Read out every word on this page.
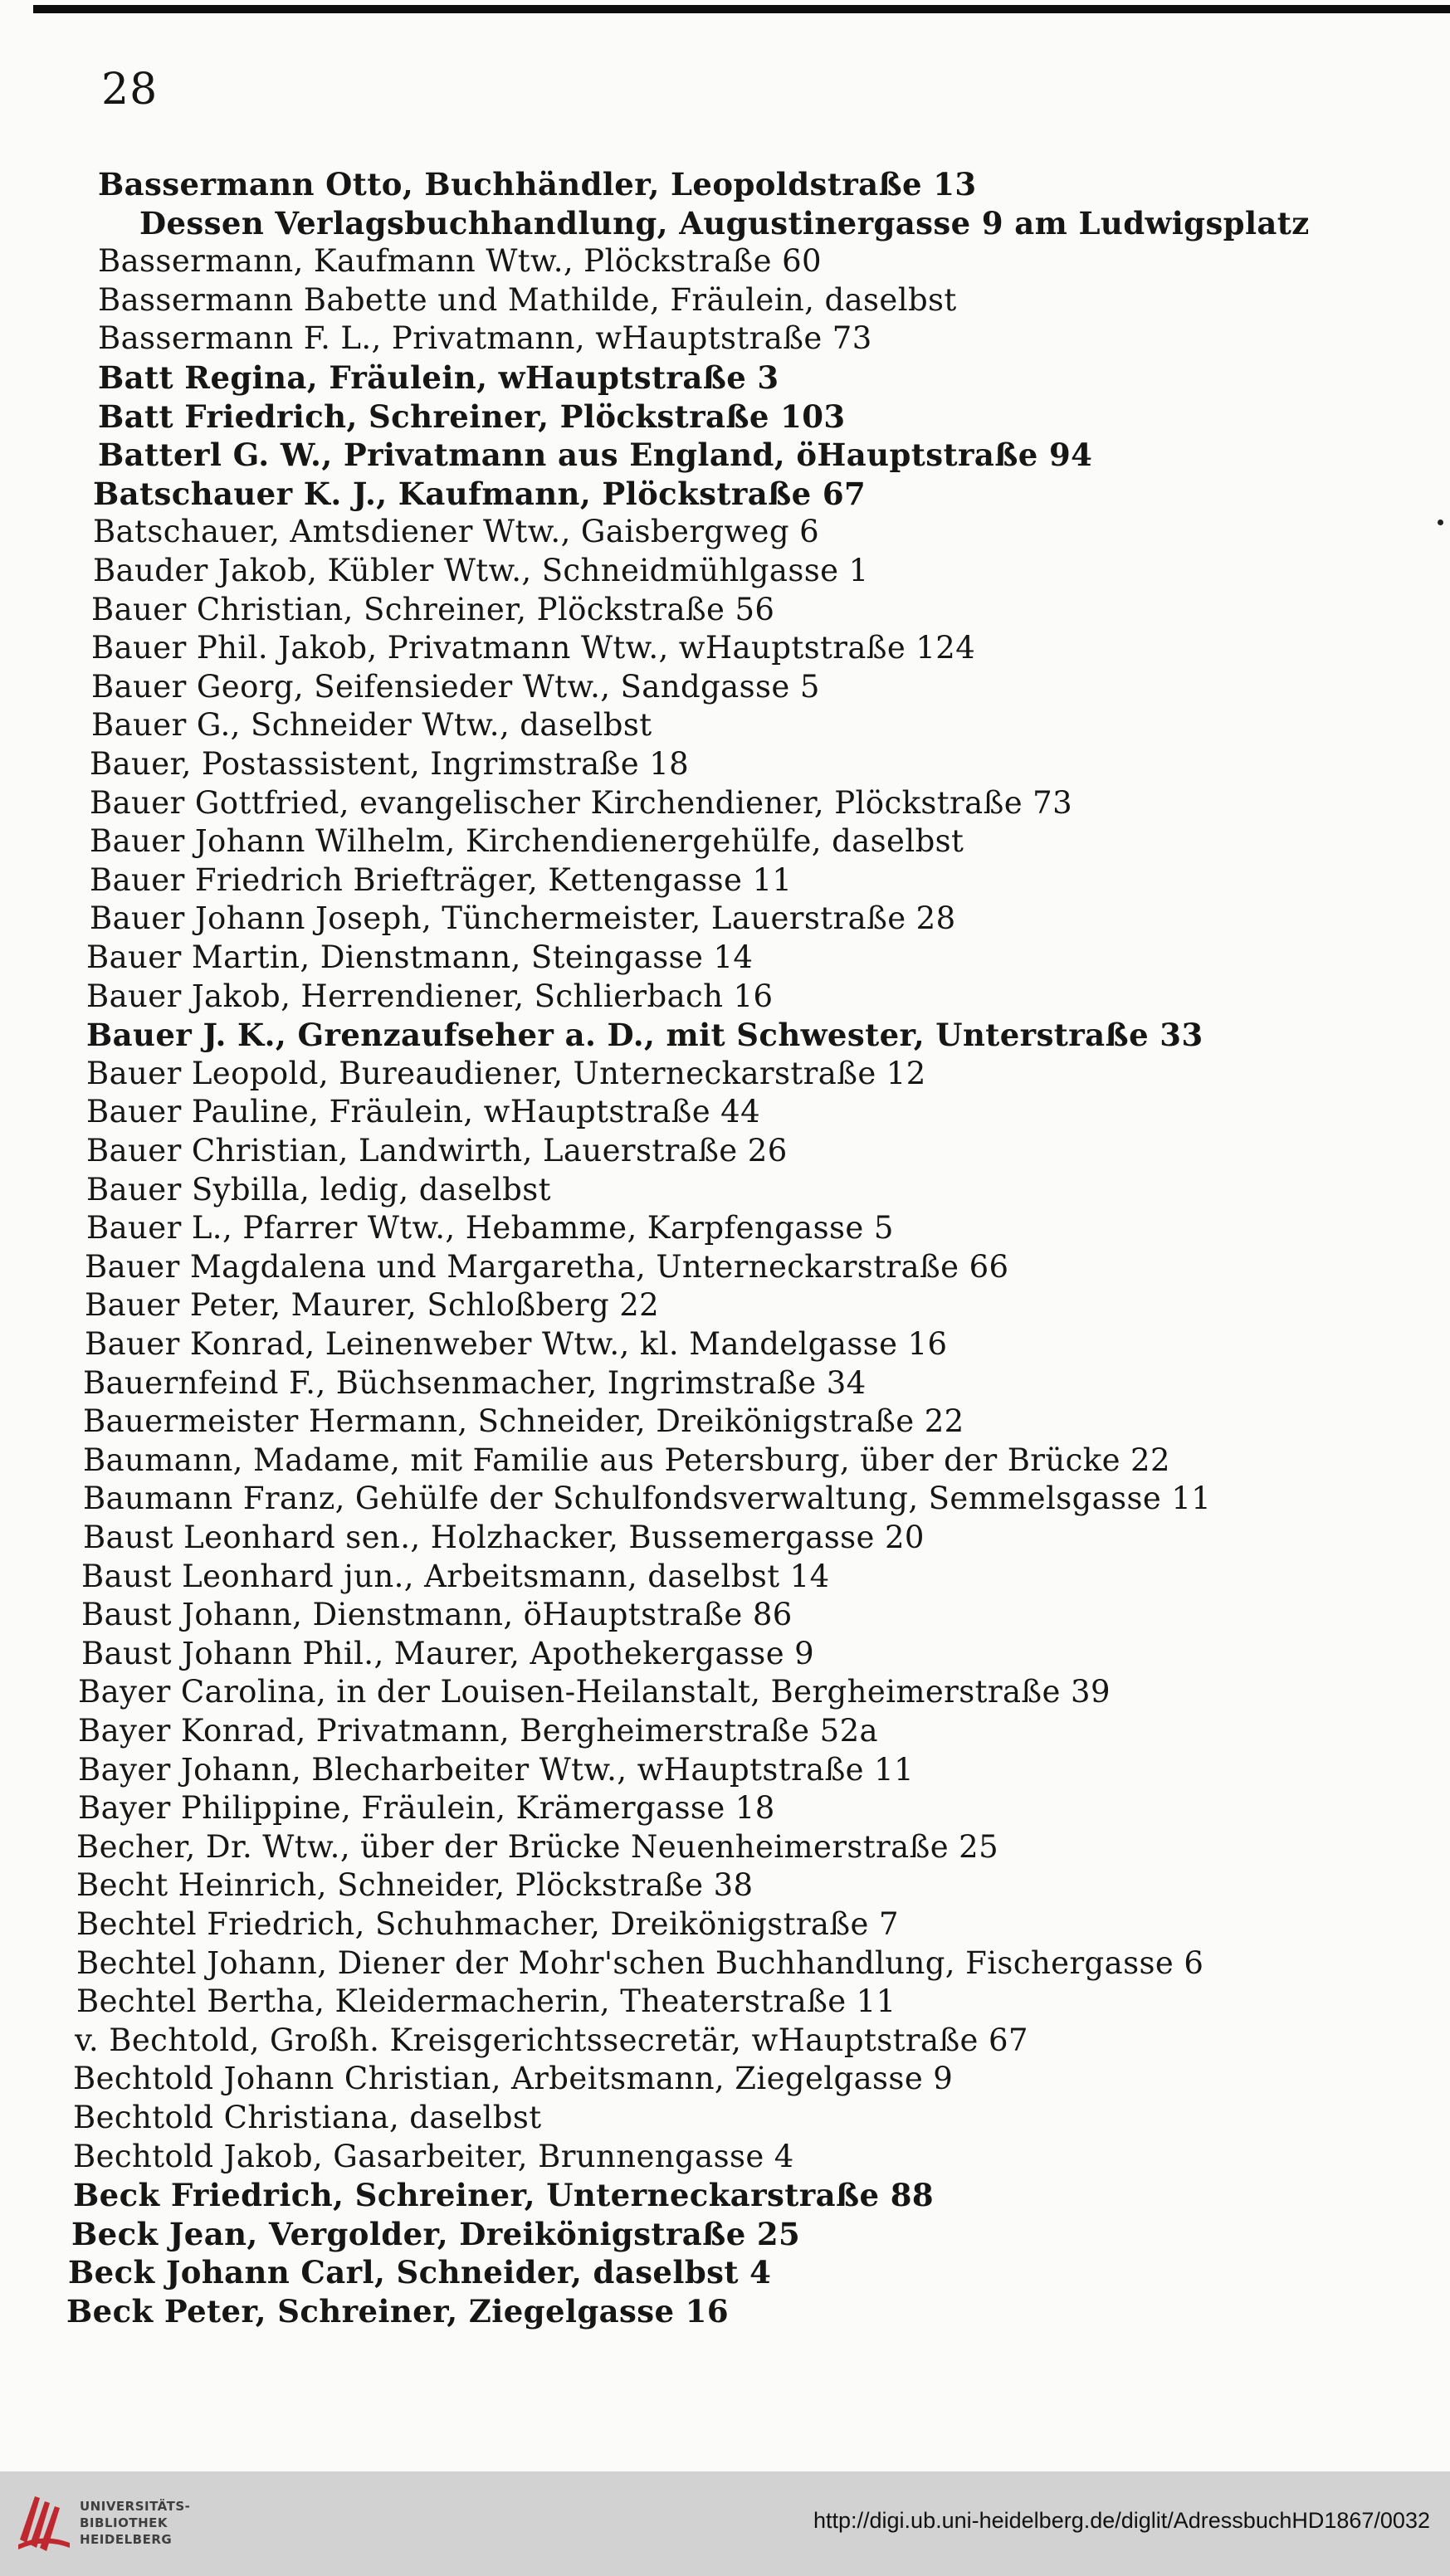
28
Bassermann Otto, Buchhändler, Leopoldstraße 13
Dessen Verlagsbuchhandlung, Augustinergasse 9 am Ludwigsplatz
Bassermann, Kaufmann Wtw., Plöckstraße 60
Bassermann Babette und Mathilde, Fräulein, daselbst
Bassermann F. L., Privatmann, wHauptstraße 73
Batt Regina, Fräulein, wHauptstraße 3
Batt Friedrich, Schreiner, Plöckstraße 103
Batterl G. W., Privatmann aus England, öHauptstraße 94
Batschauer K. J., Kaufmann, Plöckstraße 67
Batschauer, Amtsdiener Wtw., Gaisbergweg 6
Bauder Jakob, Kübler Wtw., Schneidmühlgasse 1
Bauer Christian, Schreiner, Plöckstraße 56
Bauer Phil. Jakob, Privatmann Wtw., wHauptstraße 124
Bauer Georg, Seifensieder Wtw., Sandgasse 5
Bauer G., Schneider Wtw., daselbst
Bauer, Postassistent, Ingrimstraße 18
Bauer Gottfried, evangelischer Kirchendiener, Plöckstraße 73
Bauer Johann Wilhelm, Kirchendienergehülfe, daselbst
Bauer Friedrich Briefträger, Kettengasse 11
Bauer Johann Joseph, Tünchermeister, Lauerstraße 28
Bauer Martin, Dienstmann, Steingasse 14
Bauer Jakob, Herrendiener, Schlierbach 16
Bauer J. K., Grenzaufseher a. D., mit Schwester, Unterstraße 33
Bauer Leopold, Bureaudiener, Unterneckarstraße 12
Bauer Pauline, Fräulein, wHauptstraße 44
Bauer Christian, Landwirth, Lauerstraße 26
Bauer Sybilla, ledig, daselbst
Bauer L., Pfarrer Wtw., Hebamme, Karpfengasse 5
Bauer Magdalena und Margaretha, Unterneckarstraße 66
Bauer Peter, Maurer, Schloßberg 22
Bauer Konrad, Leinenweber Wtw., kl. Mandelgasse 16
Bauernfeind F., Büchsenmacher, Ingrimstraße 34
Bauermeister Hermann, Schneider, Dreikönigstraße 22
Baumann, Madame, mit Familie aus Petersburg, über der Brücke 22
Baumann Franz, Gehülfe der Schulfondsverwaltung, Semmelsgasse 11
Baust Leonhard sen., Holzhacker, Bussemergasse 20
Baust Leonhard jun., Arbeitsmann, daselbst 14
Baust Johann, Dienstmann, öHauptstraße 86
Baust Johann Phil., Maurer, Apothekergasse 9
Bayer Carolina, in der Louisen-Heilanstalt, Bergheimerstraße 39
Bayer Konrad, Privatmann, Bergheimerstraße 52a
Bayer Johann, Blecharbeiter Wtw., wHauptstraße 11
Bayer Philippine, Fräulein, Krämergasse 18
Becher, Dr. Wtw., über der Brücke Neuenheimerstraße 25
Becht Heinrich, Schneider, Plöckstraße 38
Bechtel Friedrich, Schuhmacher, Dreikönigstraße 7
Bechtel Johann, Diener der Mohr'schen Buchhandlung, Fischergasse 6
Bechtel Bertha, Kleidermacherin, Theaterstraße 11
v. Bechtold, Großh. Kreisgerichtssecretär, wHauptstraße 67
Bechtold Johann Christian, Arbeitsmann, Ziegelgasse 9
Bechtold Christiana, daselbst
Bechtold Jakob, Gasarbeiter, Brunnengasse 4
Beck Friedrich, Schreiner, Unterneckarstraße 88
Beck Jean, Vergolder, Dreikönigstraße 25
Beck Johann Carl, Schneider, daselbst 4
Beck Peter, Schreiner, Ziegelgasse 16
UNIVERSITÄTS-
BIBLIOTHEK
HEIDELBERG
http://digi.ub.uni-heidelberg.de/diglit/AdressbuchHD1867/0032
